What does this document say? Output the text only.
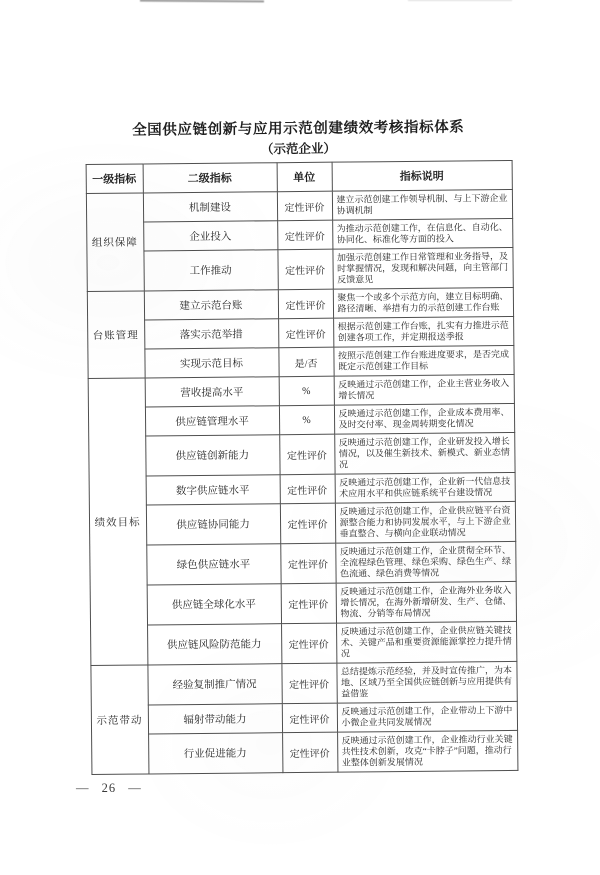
全国供应链创新与应用示范创建绩效考核指标体系
（示范企业）
一级指标	二级指标	单位	指标说明
组织保障	机制建设	定性评价	建立示范创建工作领导机制、与上下游企业协调机制
	企业投入	定性评价	为推动示范创建工作，在信息化、自动化、协同化、标准化等方面的投入
	工作推动	定性评价	加强示范创建工作日常管理和业务指导，及时掌握情况，发现和解决问题，向主管部门反馈意见
台账管理	建立示范台账	定性评价	聚焦一个或多个示范方向，建立目标明确、路径清晰、举措有力的示范创建工作台账
	落实示范举措	定性评价	根据示范创建工作台账，扎实有力推进示范创建各项工作，并定期报送季报
	实现示范目标	是/否	按照示范创建工作台账进度要求，是否完成既定示范创建工作目标
绩效目标	营收提高水平	%	反映通过示范创建工作，企业主营业务收入增长情况
	供应链管理水平	%	反映通过示范创建工作，企业成本费用率、及时交付率、现金周转期变化情况
	供应链创新能力	定性评价	反映通过示范创建工作，企业研发投入增长情况，以及催生新技术、新模式、新业态情况
	数字供应链水平	定性评价	反映通过示范创建工作，企业新一代信息技术应用水平和供应链系统平台建设情况
	供应链协同能力	定性评价	反映通过示范创建工作，企业供应链平台资源整合能力和协同发展水平，与上下游企业垂直整合、与横向企业联动情况
	绿色供应链水平	定性评价	反映通过示范创建工作，企业贯彻全环节、全流程绿色管理、绿色采购、绿色生产、绿色流通、绿色消费等情况
	供应链全球化水平	定性评价	反映通过示范创建工作，企业海外业务收入增长情况，在海外新增研发、生产、仓储、物流、分销等布局情况
	供应链风险防范能力	定性评价	反映通过示范创建工作，企业供应链关键技术、关键产品和重要资源能源掌控力提升情况
示范带动	经验复制推广情况	定性评价	总结提炼示范经验，并及时宣传推广，为本地、区域乃至全国供应链创新与应用提供有益借鉴
	辐射带动能力	定性评价	反映通过示范创建工作，企业带动上下游中小微企业共同发展情况
	行业促进能力	定性评价	反映通过示范创建工作，企业推动行业关键共性技术创新，攻克“卡脖子”问题，推动行业整体创新发展情况
— 26 —
